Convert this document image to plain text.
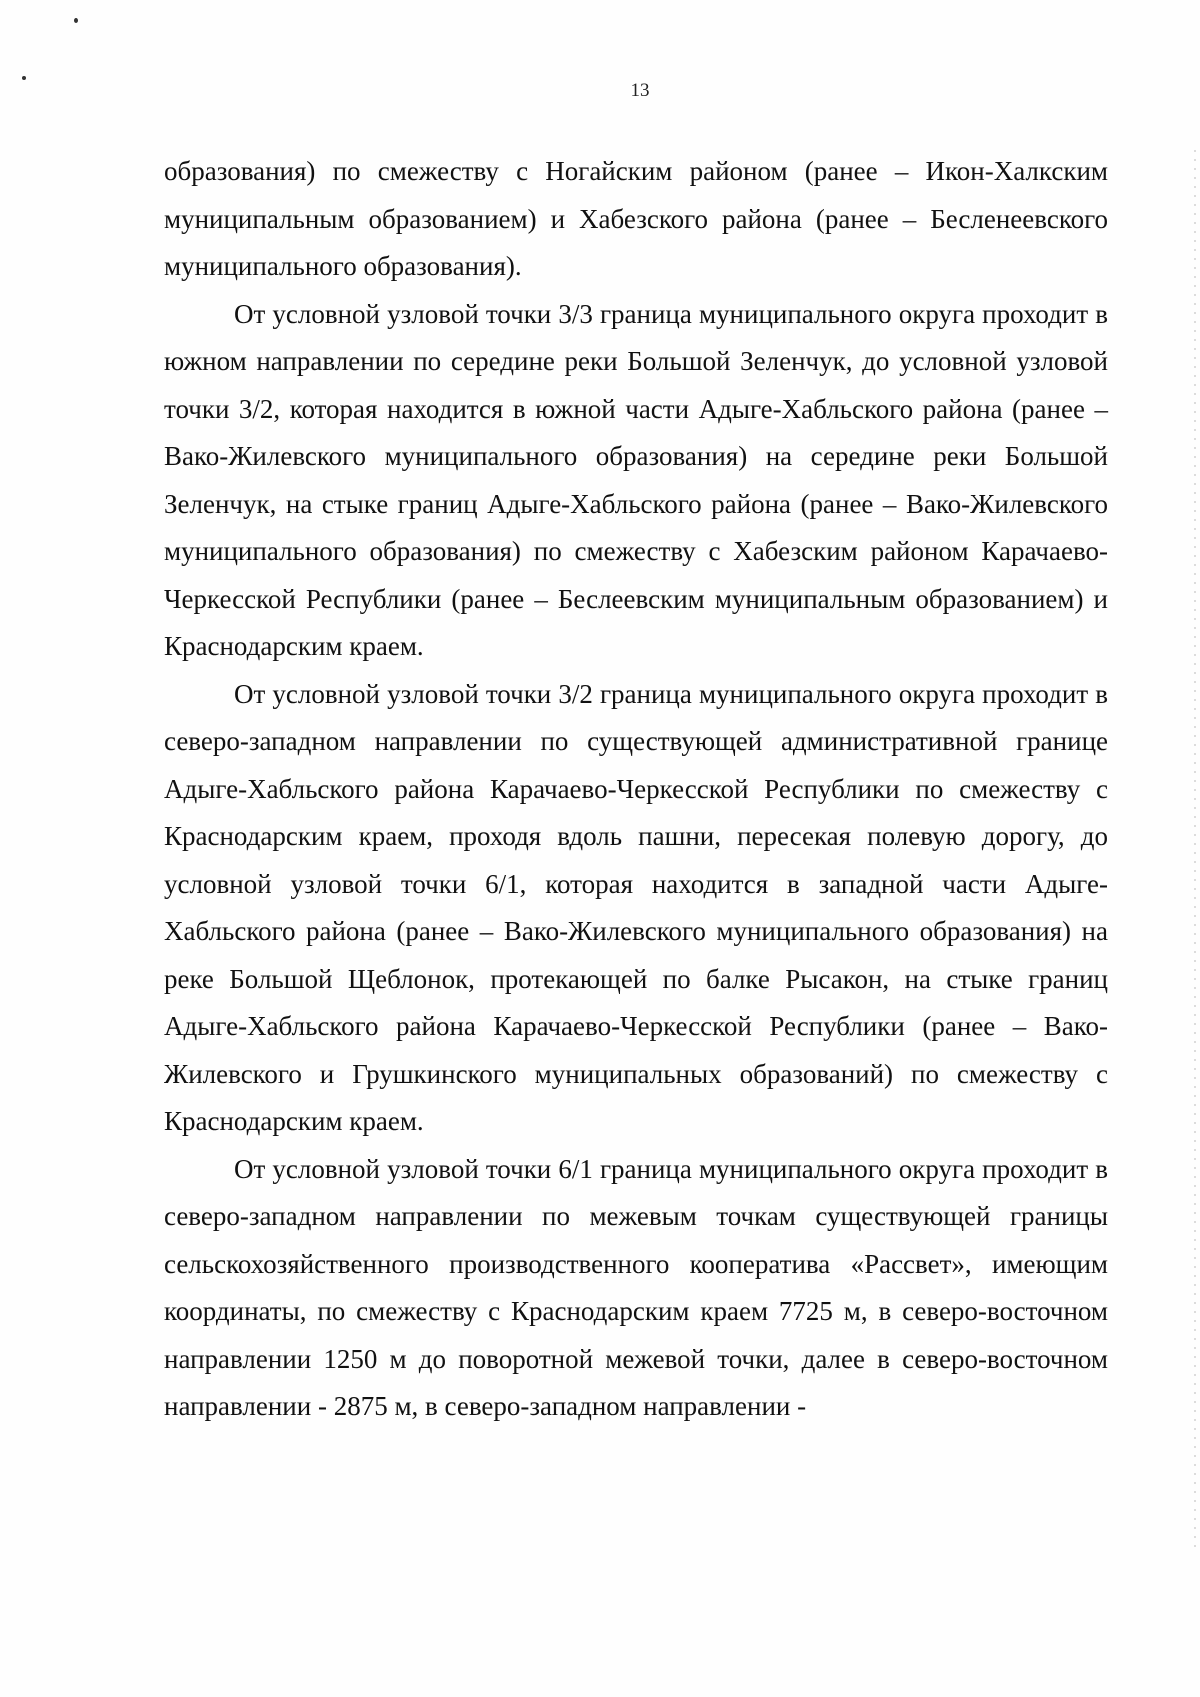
13

образования) по смежеству с Ногайским районом (ранее – Икон-Халкским муниципальным образованием) и Хабезского района (ранее – Бесленеевского муниципального образования).

От условной узловой точки 3/3 граница муниципального округа проходит в южном направлении по середине реки Большой Зеленчук, до условной узловой точки 3/2, которая находится в южной части Адыге-Хабльского района (ранее – Вако-Жилевского муниципального образования) на середине реки Большой Зеленчук, на стыке границ Адыге-Хабльского района (ранее – Вако-Жилевского муниципального образования) по смежеству с Хабезским районом Карачаево-Черкесской Республики (ранее – Беслеевским муниципальным образованием) и Краснодарским краем.

От условной узловой точки 3/2 граница муниципального округа проходит в северо-западном направлении по существующей административной границе Адыге-Хабльского района Карачаево-Черкесской Республики по смежеству с Краснодарским краем, проходя вдоль пашни, пересекая полевую дорогу, до условной узловой точки 6/1, которая находится в западной части Адыге-Хабльского района (ранее – Вако-Жилевского муниципального образования) на реке Большой Щеблонок, протекающей по балке Рысакон, на стыке границ Адыге-Хабльского района Карачаево-Черкесской Республики (ранее – Вако-Жилевского и Грушкинского муниципальных образований) по смежеству с Краснодарским краем.

От условной узловой точки 6/1 граница муниципального округа проходит в северо-западном направлении по межевым точкам существующей границы сельскохозяйственного производственного кооператива «Рассвет», имеющим координаты, по смежеству с Краснодарским краем 7725 м, в северо-восточном направлении 1250 м до поворотной межевой точки, далее в северо-восточном направлении - 2875 м, в северо-западном направлении -
